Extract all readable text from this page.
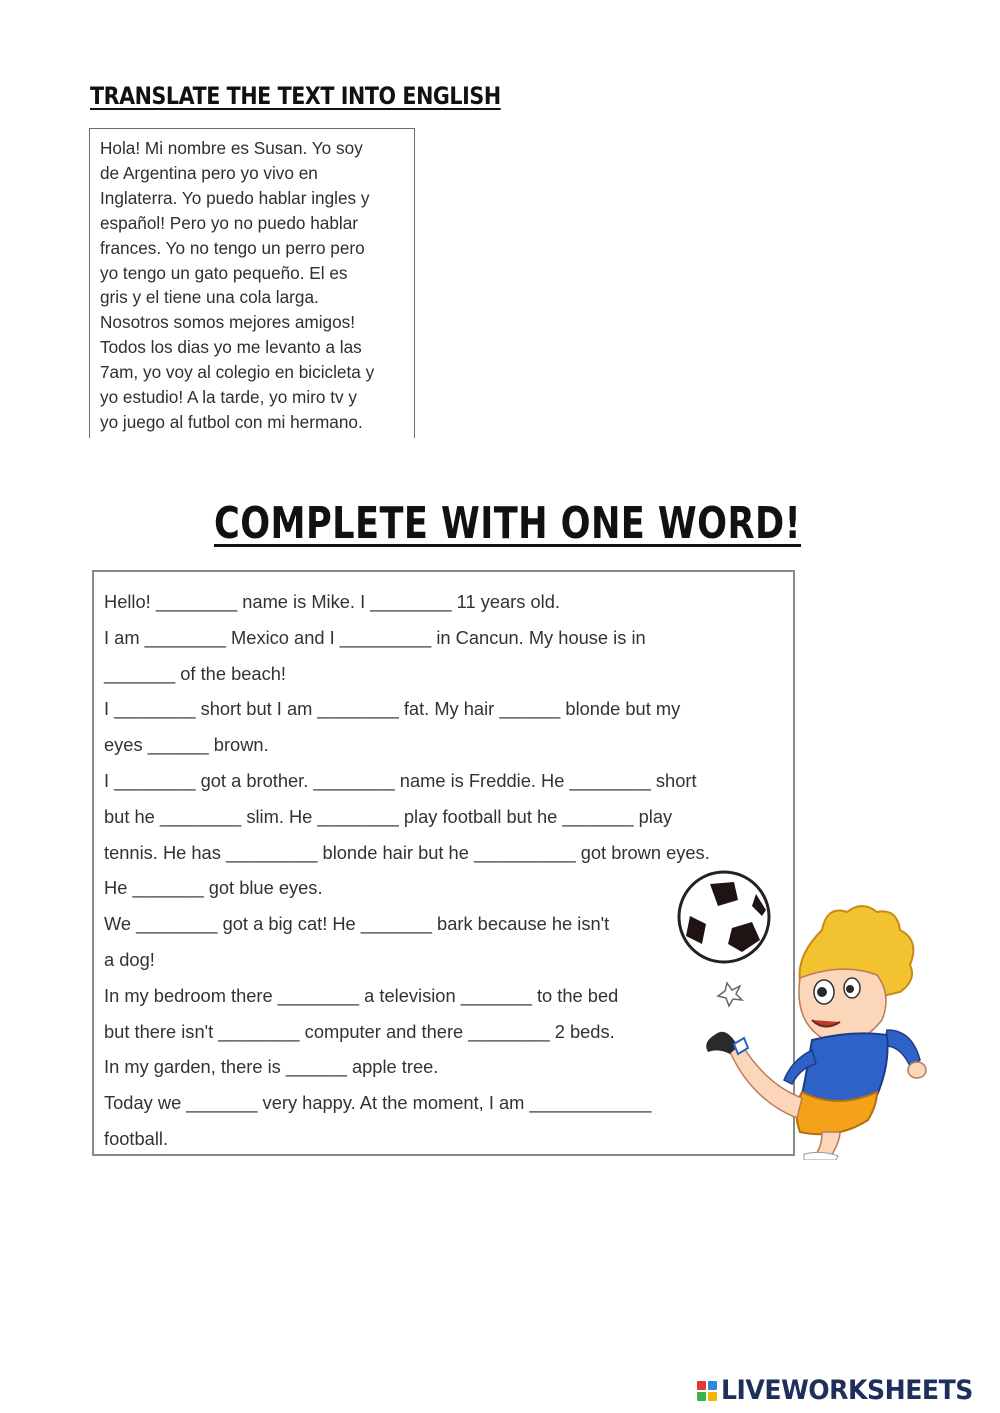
TRANSLATE THE TEXT INTO ENGLISH
Hola! Mi nombre es Susan. Yo soy
de Argentina pero yo vivo en
Inglaterra. Yo puedo hablar ingles y
español! Pero yo no puedo hablar
frances. Yo no tengo un perro pero
yo tengo un gato pequeño. El es
gris y el tiene una cola larga.
Nosotros somos mejores amigos!
Todos los dias yo me levanto a las
7am, yo voy al colegio en bicicleta y
yo estudio! A la tarde, yo miro tv y
yo juego al futbol con mi hermano.
COMPLETE WITH ONE WORD!
Hello! ________ name is Mike. I ________ 11 years old.
I am ________ Mexico and I _________ in Cancun. My house is in
_______ of the beach!
I ________ short but I am ________ fat. My hair ______ blonde but my
eyes ______ brown.
I ________ got a brother. ________ name is Freddie. He ________ short
but he ________ slim. He ________ play football but he _______ play
tennis. He has _________ blonde hair but he __________ got brown eyes.
He _______ got blue eyes.
We ________ got a big cat! He _______ bark because he isn't
a dog!
In my bedroom there ________ a television _______ to the bed
but there isn't ________ computer and there ________ 2 beds.
In my garden, there is ______ apple tree.
Today we _______ very happy. At the moment, I am ____________
football.
LIVEWORKSHEETS
